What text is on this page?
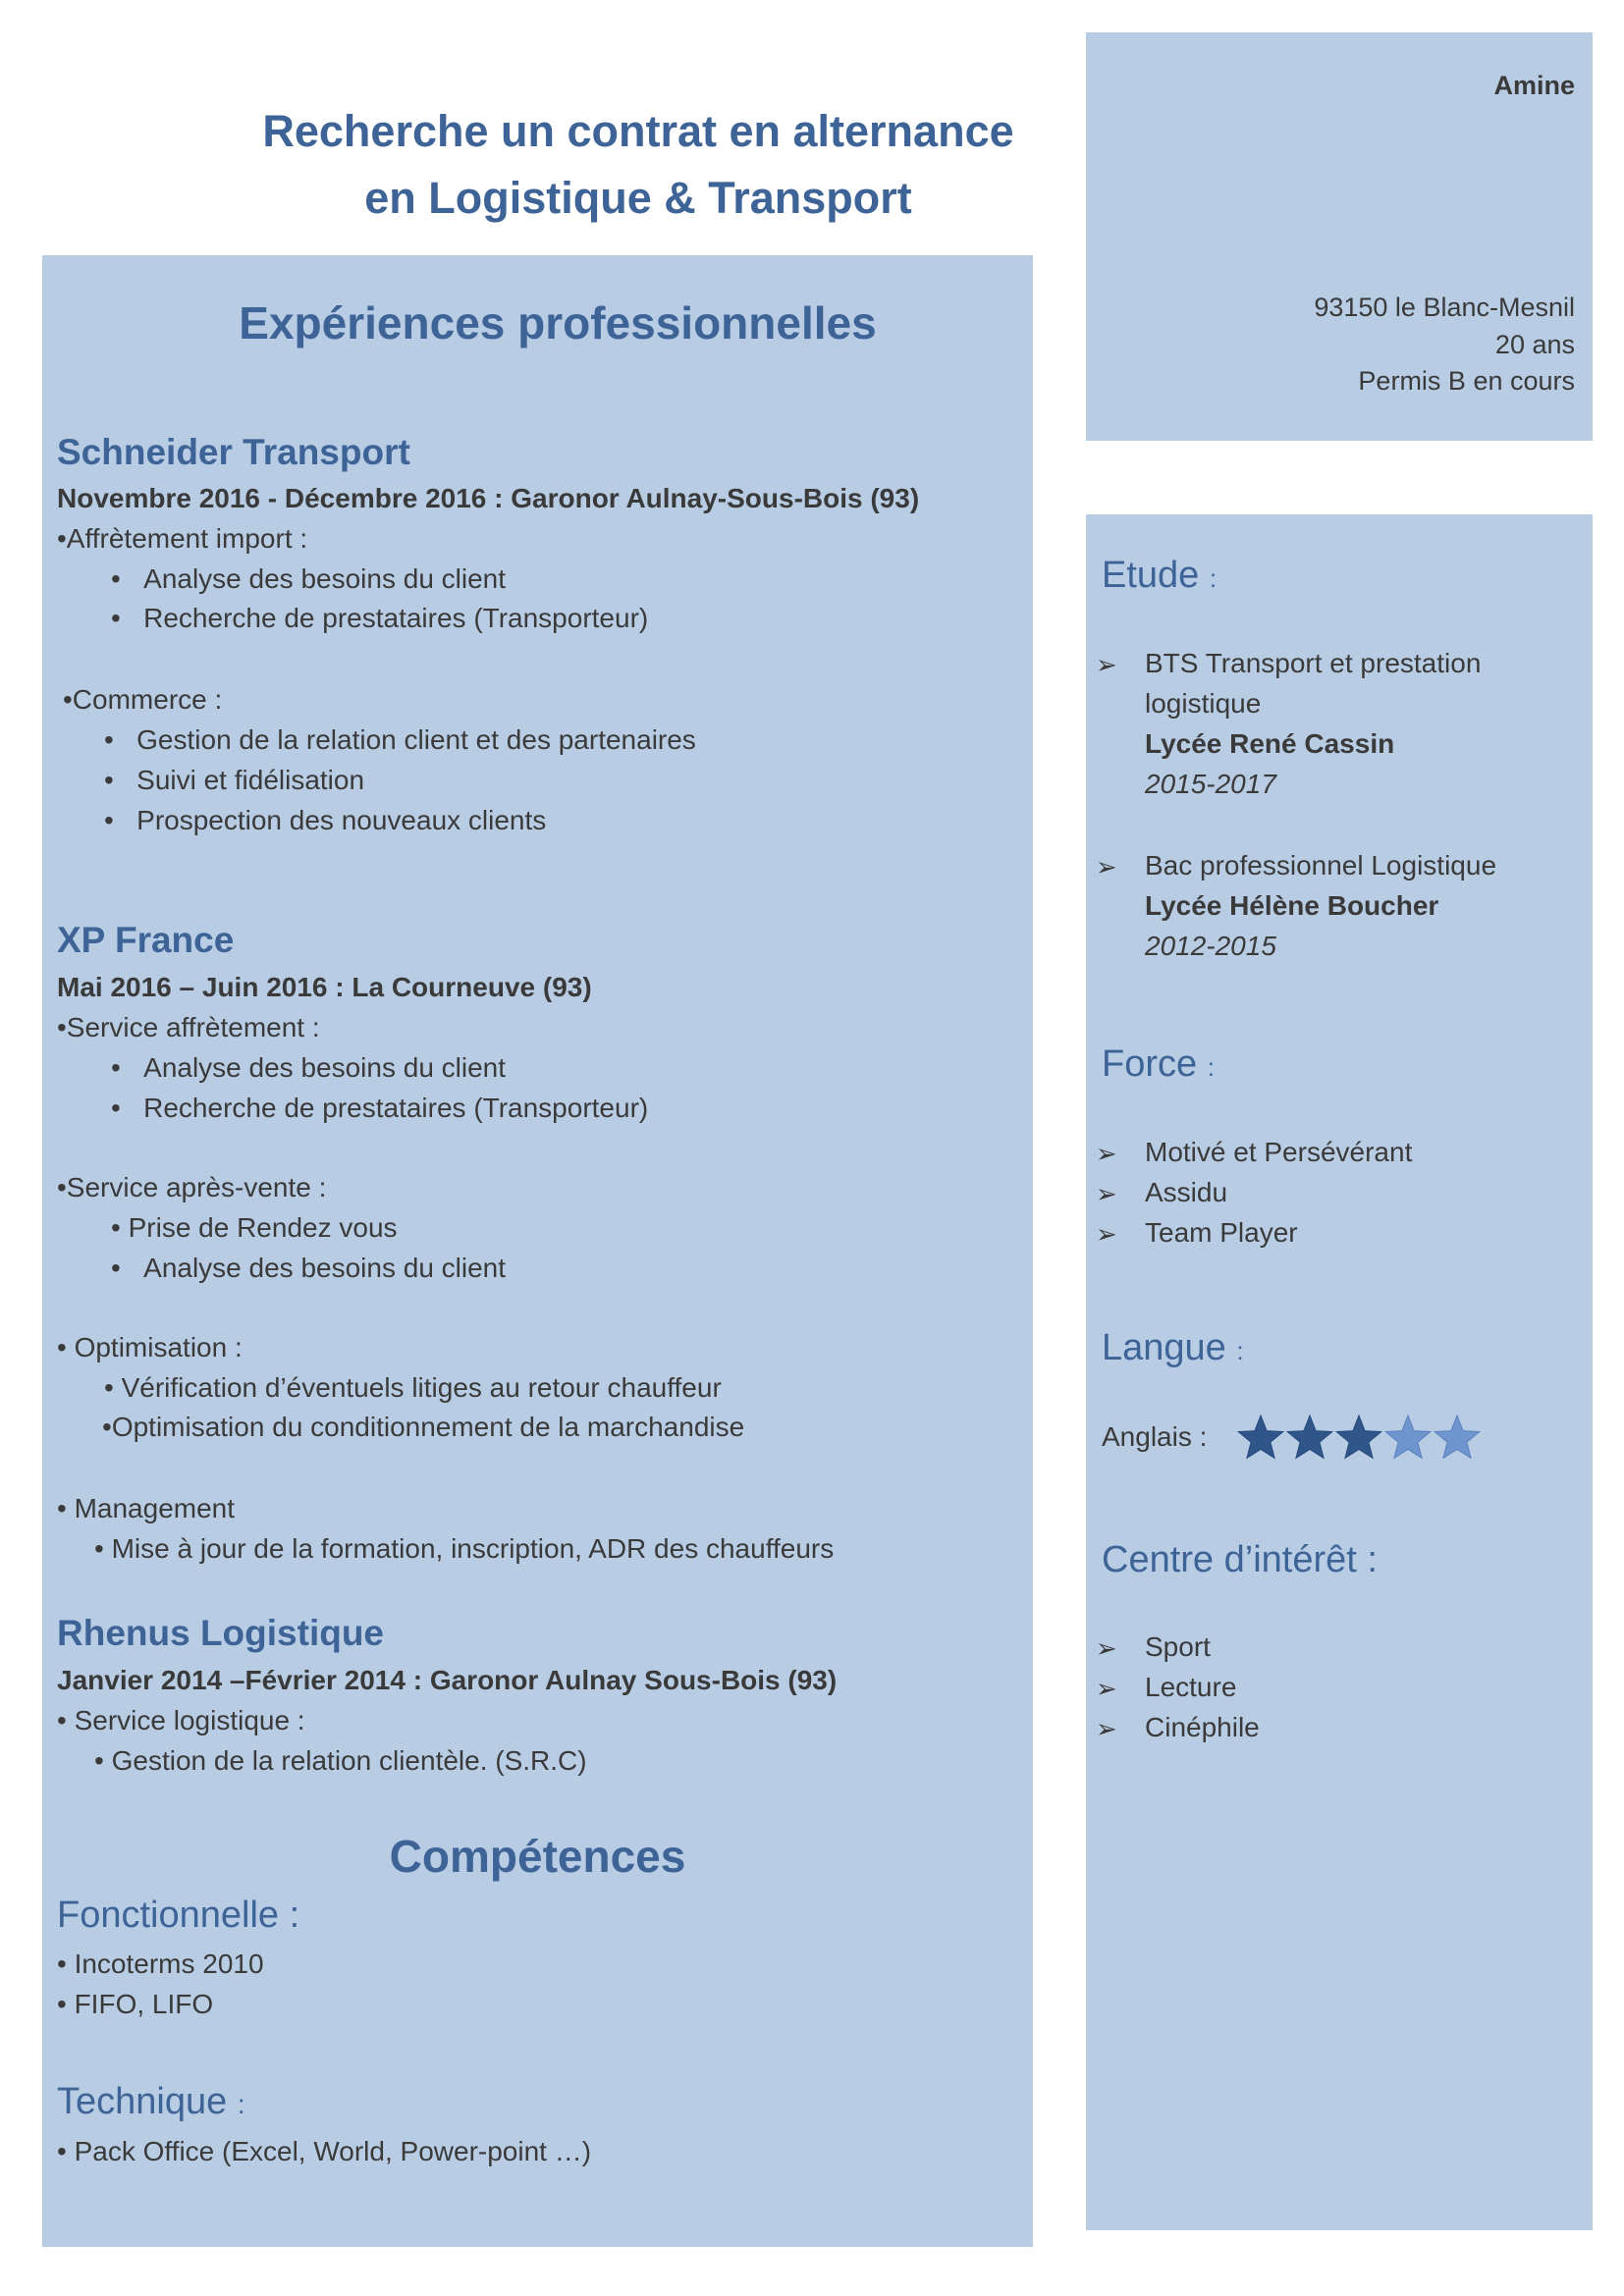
Recherche un contrat en alternance
en Logistique & Transport
Amine
93150 le Blanc-Mesnil
20 ans
Permis B en cours
Expériences professionnelles
Schneider Transport
Novembre 2016 - Décembre 2016 : Garonor Aulnay-Sous-Bois (93)
•Affrètement import :
•   Analyse des besoins du client
•   Recherche de prestataires (Transporteur)
•Commerce :
•   Gestion de la relation client et des partenaires
•   Suivi et fidélisation
•   Prospection des nouveaux clients
XP France
Mai 2016 – Juin 2016 : La Courneuve (93)
•Service affrètement :
•   Analyse des besoins du client
•   Recherche de prestataires (Transporteur)
•Service après-vente :
• Prise de Rendez vous
•   Analyse des besoins du client
• Optimisation :
• Vérification d’éventuels litiges au retour chauffeur
•Optimisation du conditionnement de la marchandise
• Management
• Mise à jour de la formation, inscription, ADR des chauffeurs
Rhenus Logistique
Janvier 2014 –Février 2014 : Garonor Aulnay Sous-Bois (93)
• Service logistique :
• Gestion de la relation clientèle. (S.R.C)
Compétences
Fonctionnelle :
• Incoterms 2010
• FIFO, LIFO
Technique :
• Pack Office (Excel, World, Power-point …)
Etude :
➢ BTS Transport et prestation
logistique
Lycée René Cassin
2015-2017
➢ Bac professionnel Logistique
Lycée Hélène Boucher
2012-2015
Force :
➢ Motivé et Persévérant
➢ Assidu
➢ Team Player
Langue :
Anglais :
Centre d’intérêt :
➢ Sport
➢ Lecture
➢ Cinéphile
